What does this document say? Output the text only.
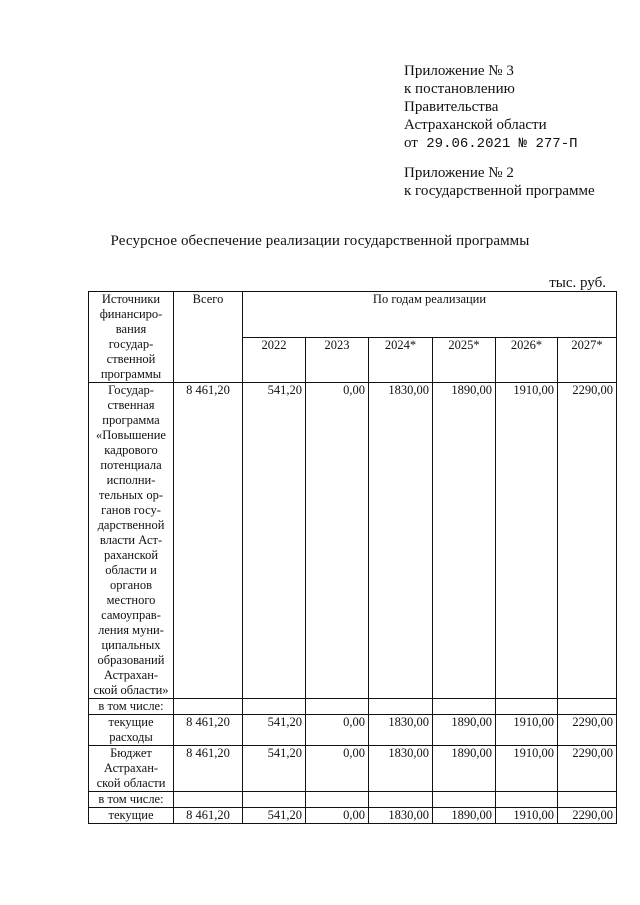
Приложение № 3
к постановлению
Правительства
Астраханской области
от 29.06.2021 № 277-П
Приложение № 2
к государственной программе
Ресурсное обеспечение реализации государственной программы
тыс. руб.
Источники финансиро-вания государ-ственной программы	Всего	По годам реализации					
		2022	2023	2024*	2025*	2026*	2027*
Государ-ственная программа «Повышение кадрового потенциала исполни-тельных ор-ганов госу-дарственной власти Аст-раханской области и органов местного самоуправ-ления муни-ципальных образований Астрахан-ской области»	8 461,20	541,20	0,00	1830,00	1890,00	1910,00	2290,00
в том числе:							
текущие расходы	8 461,20	541,20	0,00	1830,00	1890,00	1910,00	2290,00
Бюджет Астрахан-ской области	8 461,20	541,20	0,00	1830,00	1890,00	1910,00	2290,00
в том числе:							
текущие	8 461,20	541,20	0,00	1830,00	1890,00	1910,00	2290,00
